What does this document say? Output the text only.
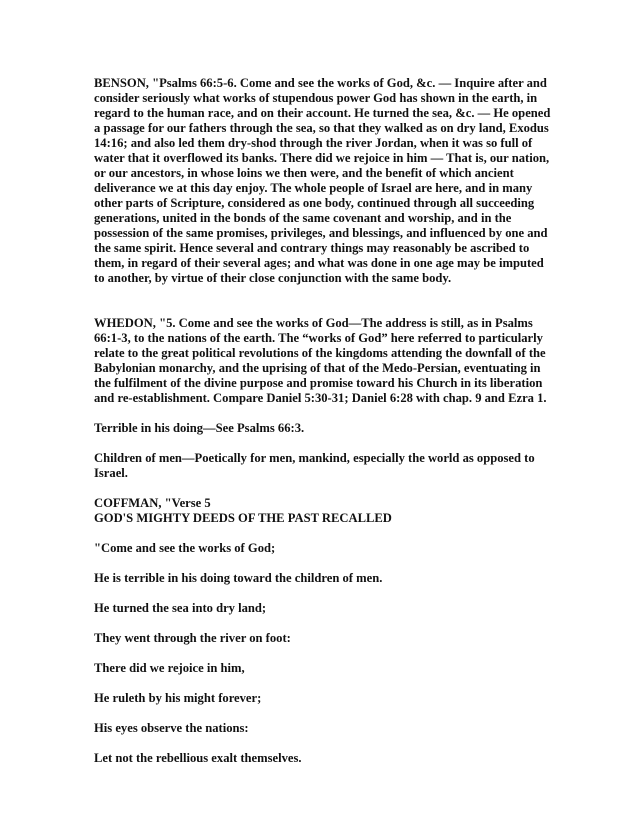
BENSON, "Psalms 66:5-6. Come and see the works of God, &c. — Inquire after and consider seriously what works of stupendous power God has shown in the earth, in regard to the human race, and on their account. He turned the sea, &c. — He opened a passage for our fathers through the sea, so that they walked as on dry land, Exodus 14:16; and also led them dry-shod through the river Jordan, when it was so full of water that it overflowed its banks. There did we rejoice in him — That is, our nation, or our ancestors, in whose loins we then were, and the benefit of which ancient deliverance we at this day enjoy. The whole people of Israel are here, and in many other parts of Scripture, considered as one body, continued through all succeeding generations, united in the bonds of the same covenant and worship, and in the possession of the same promises, privileges, and blessings, and influenced by one and the same spirit. Hence several and contrary things may reasonably be ascribed to them, in regard of their several ages; and what was done in one age may be imputed to another, by virtue of their close conjunction with the same body.

WHEDON, "5. Come and see the works of God—The address is still, as in Psalms 66:1-3, to the nations of the earth. The “works of God” here referred to particularly relate to the great political revolutions of the kingdoms attending the downfall of the Babylonian monarchy, and the uprising of that of the Medo-Persian, eventuating in the fulfilment of the divine purpose and promise toward his Church in its liberation and re-establishment. Compare Daniel 5:30-31; Daniel 6:28 with chap. 9 and Ezra 1.

Terrible in his doing—See Psalms 66:3.

Children of men—Poetically for men, mankind, especially the world as opposed to Israel.

COFFMAN, "Verse 5

GOD'S MIGHTY DEEDS OF THE PAST RECALLED

"Come and see the works of God;

He is terrible in his doing toward the children of men.

He turned the sea into dry land;

They went through the river on foot:

There did we rejoice in him,

He ruleth by his might forever;

His eyes observe the nations:

Let not the rebellious exalt themselves.
